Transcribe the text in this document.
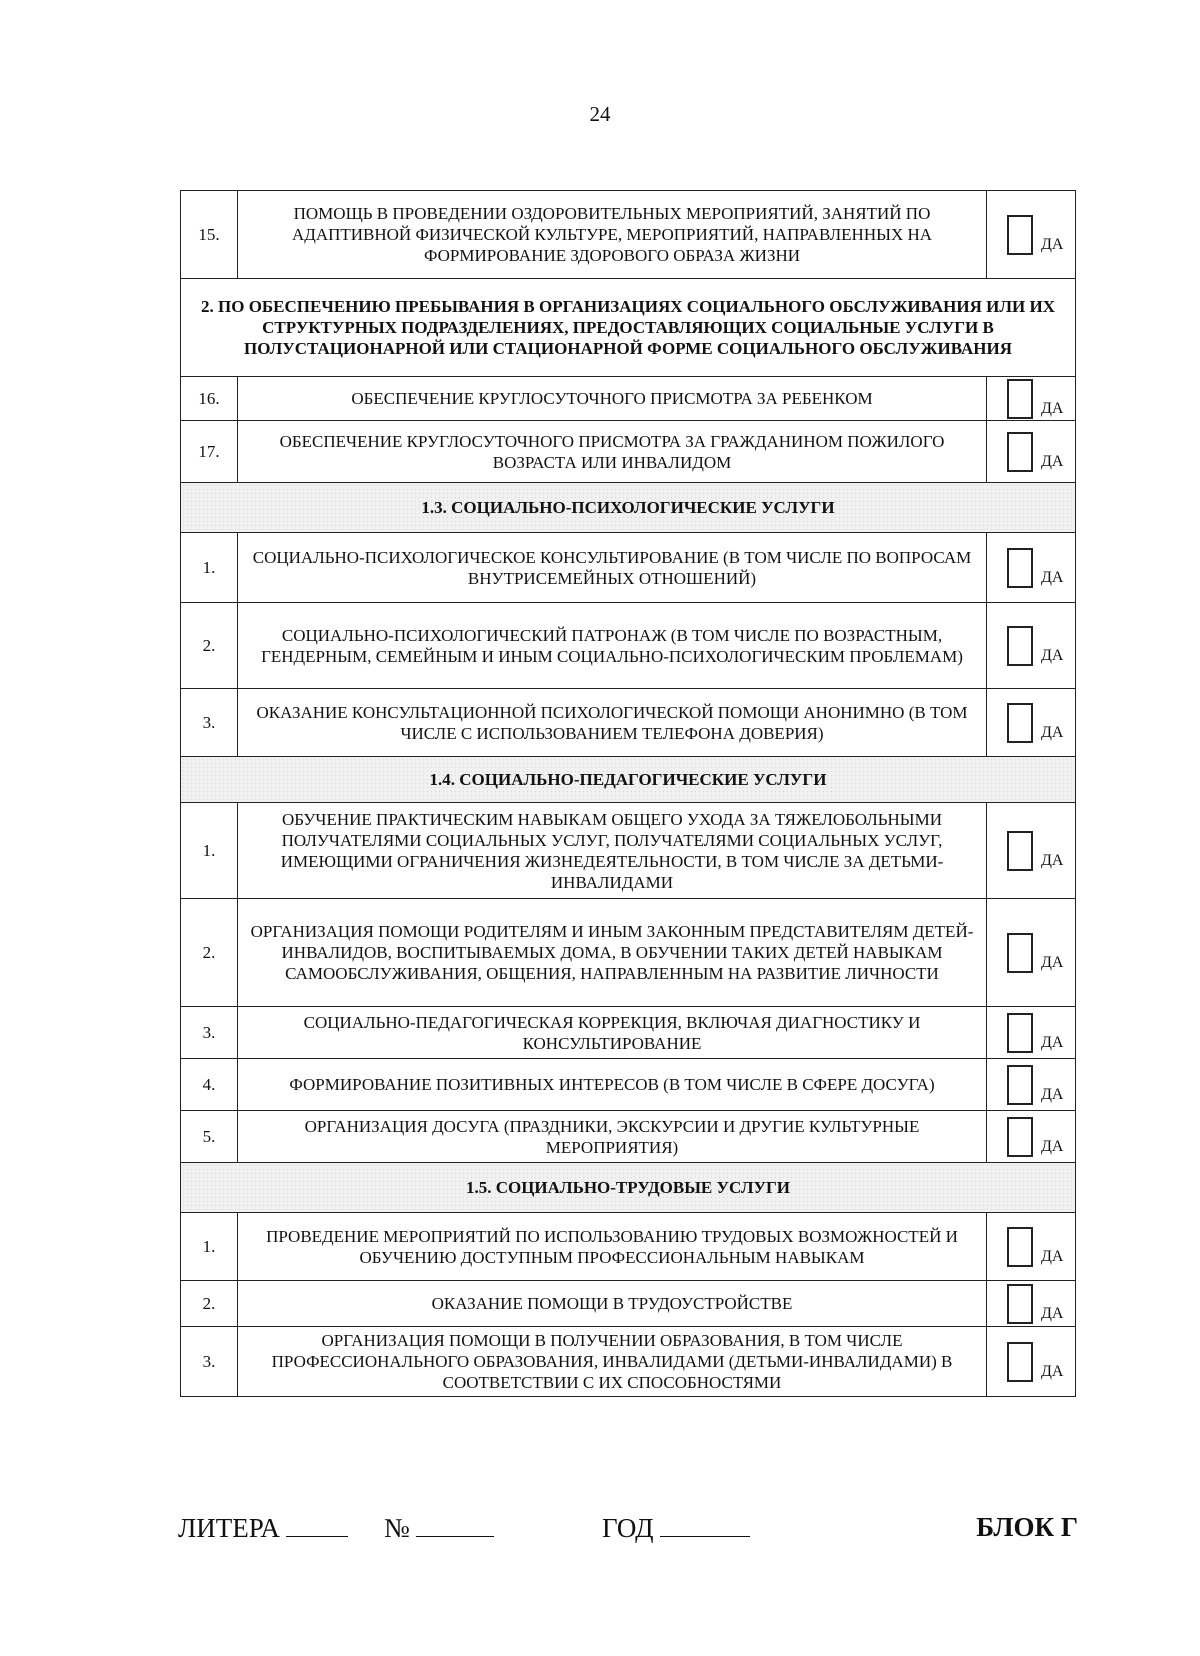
24
15.	ПОМОЩЬ В ПРОВЕДЕНИИ ОЗДОРОВИТЕЛЬНЫХ МЕРОПРИЯТИЙ, ЗАНЯТИЙ ПО АДАПТИВНОЙ ФИЗИЧЕСКОЙ КУЛЬТУРЕ, МЕРОПРИЯТИЙ, НАПРАВЛЕННЫХ НА ФОРМИРОВАНИЕ ЗДОРОВОГО ОБРАЗА ЖИЗНИ	ДА
2. ПО ОБЕСПЕЧЕНИЮ ПРЕБЫВАНИЯ В ОРГАНИЗАЦИЯХ СОЦИАЛЬНОГО ОБСЛУЖИВАНИЯ ИЛИ ИХ СТРУКТУРНЫХ ПОДРАЗДЕЛЕНИЯХ, ПРЕДОСТАВЛЯЮЩИХ СОЦИАЛЬНЫЕ УСЛУГИ В ПОЛУСТАЦИОНАРНОЙ ИЛИ СТАЦИОНАРНОЙ ФОРМЕ СОЦИАЛЬНОГО ОБСЛУЖИВАНИЯ		
16.	ОБЕСПЕЧЕНИЕ КРУГЛОСУТОЧНОГО ПРИСМОТРА ЗА РЕБЕНКОМ	ДА
17.	ОБЕСПЕЧЕНИЕ КРУГЛОСУТОЧНОГО ПРИСМОТРА ЗА ГРАЖДАНИНОМ ПОЖИЛОГО ВОЗРАСТА ИЛИ ИНВАЛИДОМ	ДА
1.3. СОЦИАЛЬНО-ПСИХОЛОГИЧЕСКИЕ УСЛУГИ		
1.	СОЦИАЛЬНО-ПСИХОЛОГИЧЕСКОЕ КОНСУЛЬТИРОВАНИЕ (В ТОМ ЧИСЛЕ ПО ВОПРОСАМ ВНУТРИСЕМЕЙНЫХ ОТНОШЕНИЙ)	ДА
2.	СОЦИАЛЬНО-ПСИХОЛОГИЧЕСКИЙ ПАТРОНАЖ (В ТОМ ЧИСЛЕ ПО ВОЗРАСТНЫМ, ГЕНДЕРНЫМ, СЕМЕЙНЫМ И ИНЫМ СОЦИАЛЬНО-ПСИХОЛОГИЧЕСКИМ ПРОБЛЕМАМ)	ДА
3.	ОКАЗАНИЕ КОНСУЛЬТАЦИОННОЙ ПСИХОЛОГИЧЕСКОЙ ПОМОЩИ АНОНИМНО (В ТОМ ЧИСЛЕ С ИСПОЛЬЗОВАНИЕМ ТЕЛЕФОНА ДОВЕРИЯ)	ДА
1.4. СОЦИАЛЬНО-ПЕДАГОГИЧЕСКИЕ УСЛУГИ		
1.	ОБУЧЕНИЕ ПРАКТИЧЕСКИМ НАВЫКАМ ОБЩЕГО УХОДА ЗА ТЯЖЕЛОБОЛЬНЫМИ ПОЛУЧАТЕЛЯМИ СОЦИАЛЬНЫХ УСЛУГ, ПОЛУЧАТЕЛЯМИ СОЦИАЛЬНЫХ УСЛУГ, ИМЕЮЩИМИ ОГРАНИЧЕНИЯ ЖИЗНЕДЕЯТЕЛЬНОСТИ, В ТОМ ЧИСЛЕ ЗА ДЕТЬМИ-ИНВАЛИДАМИ	ДА
2.	ОРГАНИЗАЦИЯ ПОМОЩИ РОДИТЕЛЯМ И ИНЫМ ЗАКОННЫМ ПРЕДСТАВИТЕЛЯМ ДЕТЕЙ-ИНВАЛИДОВ, ВОСПИТЫВАЕМЫХ ДОМА, В ОБУЧЕНИИ ТАКИХ ДЕТЕЙ НАВЫКАМ САМООБСЛУЖИВАНИЯ, ОБЩЕНИЯ, НАПРАВЛЕННЫМ НА РАЗВИТИЕ ЛИЧНОСТИ	ДА
3.	СОЦИАЛЬНО-ПЕДАГОГИЧЕСКАЯ КОРРЕКЦИЯ, ВКЛЮЧАЯ ДИАГНОСТИКУ И КОНСУЛЬТИРОВАНИЕ	ДА
4.	ФОРМИРОВАНИЕ ПОЗИТИВНЫХ ИНТЕРЕСОВ (В ТОМ ЧИСЛЕ В СФЕРЕ ДОСУГА)	ДА
5.	ОРГАНИЗАЦИЯ ДОСУГА (ПРАЗДНИКИ, ЭКСКУРСИИ И ДРУГИЕ КУЛЬТУРНЫЕ МЕРОПРИЯТИЯ)	ДА
1.5. СОЦИАЛЬНО-ТРУДОВЫЕ УСЛУГИ		
1.	ПРОВЕДЕНИЕ МЕРОПРИЯТИЙ ПО ИСПОЛЬЗОВАНИЮ ТРУДОВЫХ ВОЗМОЖНОСТЕЙ И ОБУЧЕНИЮ ДОСТУПНЫМ ПРОФЕССИОНАЛЬНЫМ НАВЫКАМ	ДА
2.	ОКАЗАНИЕ ПОМОЩИ В ТРУДОУСТРОЙСТВЕ	ДА
3.	ОРГАНИЗАЦИЯ ПОМОЩИ В ПОЛУЧЕНИИ ОБРАЗОВАНИЯ, В ТОМ ЧИСЛЕ ПРОФЕССИОНАЛЬНОГО ОБРАЗОВАНИЯ, ИНВАЛИДАМИ (ДЕТЬМИ-ИНВАЛИДАМИ) В СООТВЕТСТВИИ С ИХ СПОСОБНОСТЯМИ	ДА
ЛИТЕРА	№	ГОД	БЛОК Г
